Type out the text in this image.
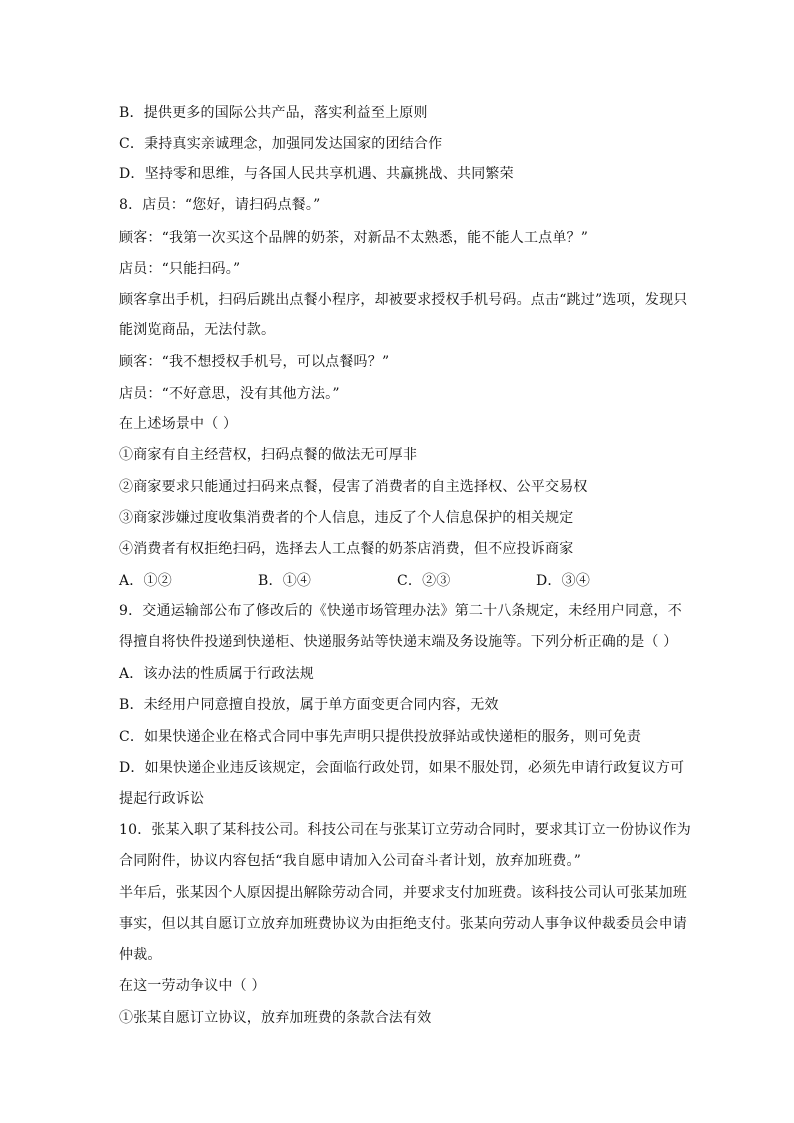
B．提供更多的国际公共产品，落实利益至上原则
C．秉持真实亲诚理念，加强同发达国家的团结合作
D．坚持零和思维，与各国人民共享机遇、共赢挑战、共同繁荣
8．店员：“您好，请扫码点餐。”
顾客：“我第一次买这个品牌的奶茶，对新品不太熟悉，能不能人工点单？”
店员：“只能扫码。”
顾客拿出手机，扫码后跳出点餐小程序，却被要求授权手机号码。点击“跳过”选项，发现只
能浏览商品，无法付款。
顾客：“我不想授权手机号，可以点餐吗？”
店员：“不好意思，没有其他方法。”
在上述场景中（ ）
①商家有自主经营权，扫码点餐的做法无可厚非
②商家要求只能通过扫码来点餐，侵害了消费者的自主选择权、公平交易权
③商家涉嫌过度收集消费者的个人信息，违反了个人信息保护的相关规定
④消费者有权拒绝扫码，选择去人工点餐的奶茶店消费，但不应投诉商家
A．①②	B．①④	C．②③	D．③④
9．交通运输部公布了修改后的《快递市场管理办法》第二十八条规定，未经用户同意，不
得擅自将快件投递到快递柜、快递服务站等快递末端及务设施等。下列分析正确的是（ ）
A．该办法的性质属于行政法规
B．未经用户同意擅自投放，属于单方面变更合同内容，无效
C．如果快递企业在格式合同中事先声明只提供投放驿站或快递柜的服务，则可免责
D．如果快递企业违反该规定，会面临行政处罚，如果不服处罚，必须先申请行政复议方可
提起行政诉讼
10．张某入职了某科技公司。科技公司在与张某订立劳动合同时，要求其订立一份协议作为
合同附件，协议内容包括“我自愿申请加入公司奋斗者计划，放弃加班费。”
半年后，张某因个人原因提出解除劳动合同，并要求支付加班费。该科技公司认可张某加班
事实，但以其自愿订立放弃加班费协议为由拒绝支付。张某向劳动人事争议仲裁委员会申请
仲裁。
在这一劳动争议中（ ）
①张某自愿订立协议，放弃加班费的条款合法有效
